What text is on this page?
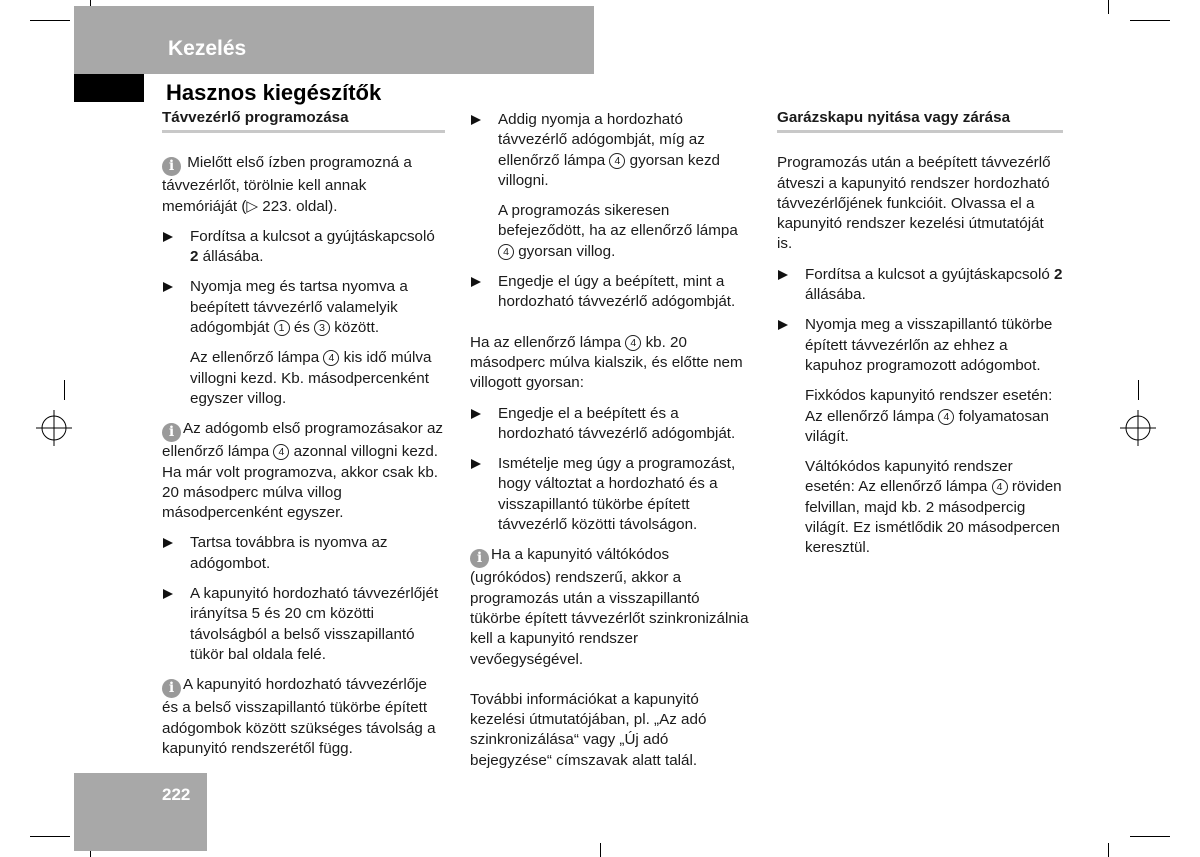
Kezelés
Hasznos kiegészítők

Távvezérlő programozása

i Mielőtt első ízben programozná a távvezérlőt, törölnie kell annak memóriáját (▷ 223. oldal).

Fordítsa a kulcsot a gyújtáskapcsoló 2 állásába.

Nyomja meg és tartsa nyomva a beépített távvezérlő valamelyik adógombját 1 és 3 között.

Az ellenőrző lámpa 4 kis idő múlva villogni kezd. Kb. másodpercenként egyszer villog.

i Az adógomb első programozásakor az ellenőrző lámpa 4 azonnal villogni kezd. Ha már volt programozva, akkor csak kb. 20 másodperc múlva villog másodpercenként egyszer.

Tartsa továbbra is nyomva az adógombot.

A kapunyitó hordozható távvezérlőjét irányítsa 5 és 20 cm közötti távolságból a belső visszapillantó tükör bal oldala felé.

i A kapunyitó hordozható távvezérlője és a belső visszapillantó tükörbe épített adógombok között szükséges távolság a kapunyitó rendszerétől függ.

Addig nyomja a hordozható távvezérlő adógombját, míg az ellenőrző lámpa 4 gyorsan kezd villogni.

A programozás sikeresen befejeződött, ha az ellenőrző lámpa 4 gyorsan villog.

Engedje el úgy a beépített, mint a hordozható távvezérlő adógombját.

Ha az ellenőrző lámpa 4 kb. 20 másodperc múlva kialszik, és előtte nem villogott gyorsan:

Engedje el a beépített és a hordozható távvezérlő adógombját.

Ismételje meg úgy a programozást, hogy változtat a hordozható és a visszapillantó tükörbe épített távvezérlő közötti távolságon.

i Ha a kapunyitó váltókódos (ugrókódos) rendszerű, akkor a programozás után a visszapillantó tükörbe épített távvezérlőt szinkronizálnia kell a kapunyitó rendszer vevőegységével.

További információkat a kapunyitó kezelési útmutatójában, pl. „Az adó szinkronizálása“ vagy „Új adó bejegyzése“ címszavak alatt talál.

Garázskapu nyitása vagy zárása

Programozás után a beépített távvezérlő átveszi a kapunyitó rendszer hordozható távvezérlőjének funkcióit. Olvassa el a kapunyitó rendszer kezelési útmutatóját is.

Fordítsa a kulcsot a gyújtáskapcsoló 2 állásába.

Nyomja meg a visszapillantó tükörbe épített távvezérlőn az ehhez a kapuhoz programozott adógombot.

Fixkódos kapunyitó rendszer esetén: Az ellenőrző lámpa 4 folyamatosan világít.

Váltókódos kapunyitó rendszer esetén: Az ellenőrző lámpa 4 röviden felvillan, majd kb. 2 másodpercig világít. Ez ismétlődik 20 másodpercen keresztül.

222
